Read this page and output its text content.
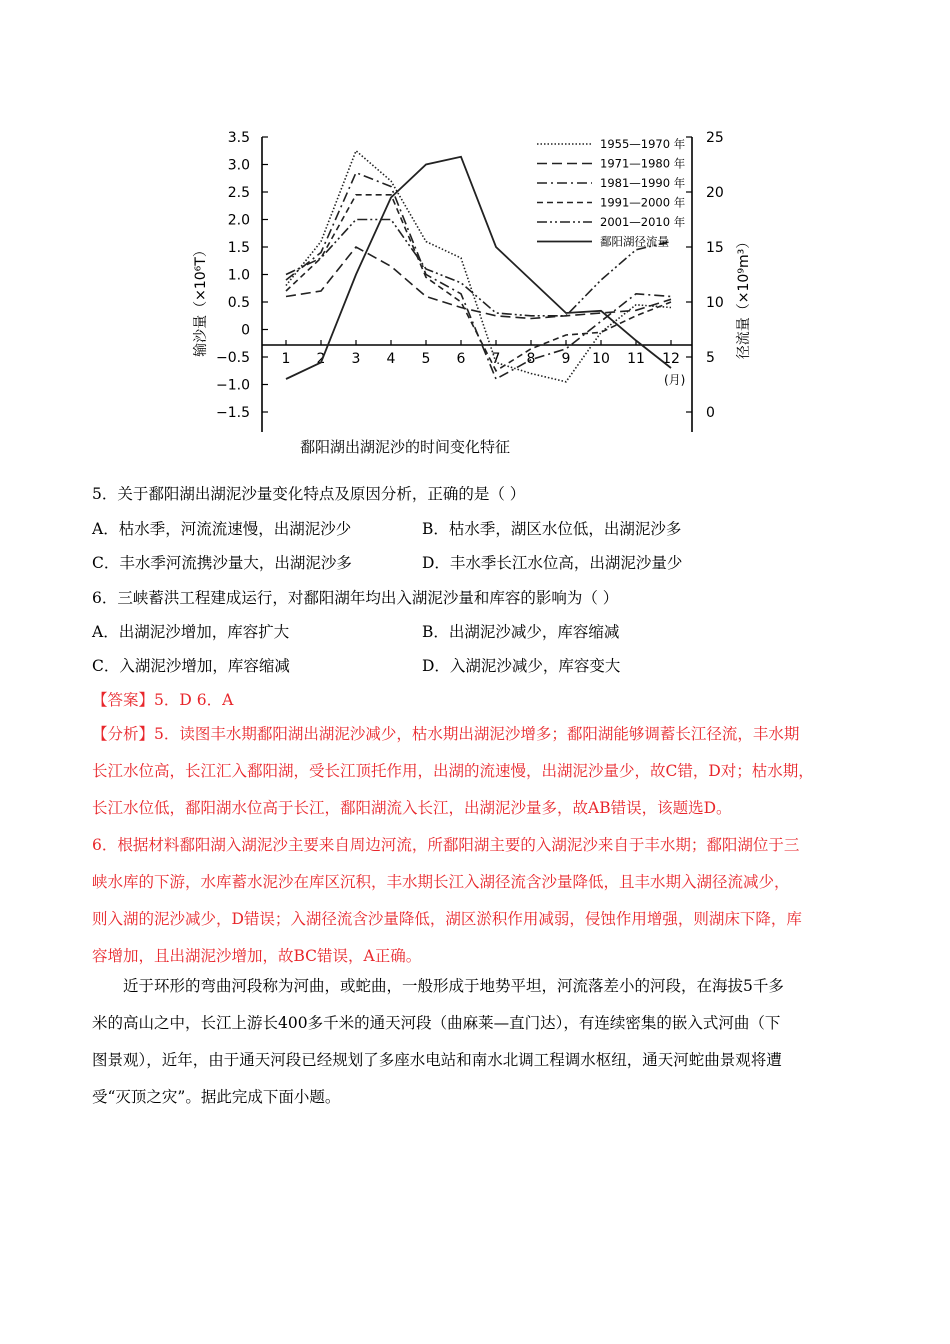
3.5
3.0
2.5
2.0
1.5
1.0
0.5
0
−0.5
−1.0
−1.5
25
20
15
10
5
0
1 2 3 4 5 6 7 8 9 10 11 12
1955—1970 年
1971—1980 年
1981—1990 年
1991—2000 年
2001—2010 年
鄱阳湖径流量
鄱阳湖出湖泥沙的时间变化特征
(月)
输沙量（×10⁶T）	径流量（×10⁹m³）
5．关于鄱阳湖出湖泥沙量变化特点及原因分析，正确的是（ ）
A．枯水季，河流流速慢，出湖泥沙少	B．枯水季，湖区水位低，出湖泥沙多
C．丰水季河流携沙量大，出湖泥沙多	D．丰水季长江水位高，出湖泥沙量少
6．三峡蓄洪工程建成运行，对鄱阳湖年均出入湖泥沙量和库容的影响为（ ）
A．出湖泥沙增加，库容扩大	B．出湖泥沙减少，库容缩减
C．入湖泥沙增加，库容缩减	D．入湖泥沙减少，库容变大
【答案】5．D 6．A

【分析】5．读图丰水期鄱阳湖出湖泥沙减少，枯水期出湖泥沙增多；鄱阳湖能够调蓄长江径流，丰水期

长江水位高，长江汇入鄱阳湖，受长江顶托作用，出湖的流速慢，出湖泥沙量少，故C错，D对；枯水期，

长江水位低，鄱阳湖水位高于长江，鄱阳湖流入长江，出湖泥沙量多，故AB错误，该题选D。

6．根据材料鄱阳湖入湖泥沙主要来自周边河流，所鄱阳湖主要的入湖泥沙来自于丰水期；鄱阳湖位于三

峡水库的下游，水库蓄水泥沙在库区沉积，丰水期长江入湖径流含沙量降低，且丰水期入湖径流减少，

则入湖的泥沙减少，D错误；入湖径流含沙量降低，湖区淤积作用减弱，侵蚀作用增强，则湖床下降，库

容增加，且出湖泥沙增加，故BC错误，A正确。

近于环形的弯曲河段称为河曲，或蛇曲，一般形成于地势平坦，河流落差小的河段，在海拔5千多

米的高山之中，长江上游长400多千米的通天河段（曲麻莱—直门达），有连续密集的嵌入式河曲（下

图景观），近年，由于通天河段已经规划了多座水电站和南水北调工程调水枢纽，通天河蛇曲景观将遭

受“灭顶之灾”。据此完成下面小题。
